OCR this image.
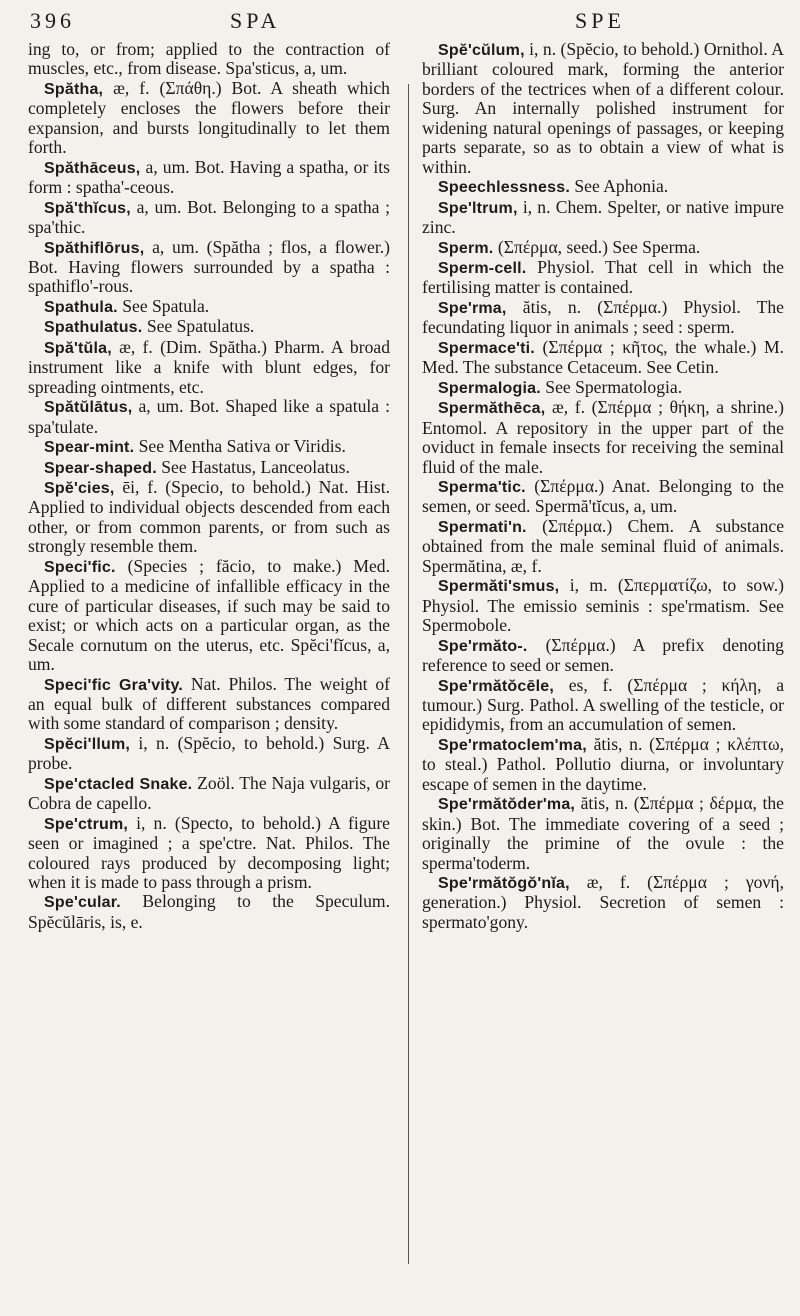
396	SPA	SPE

ing to, or from; applied to the contraction of muscles, etc., from disease. Spa'sticus, a, um.

Spătha, æ, f. (Σπάθη.) Bot. A sheath which completely encloses the flowers before their expansion, and bursts longitudinally to let them forth.

Spăthāceus, a, um. Bot. Having a spatha, or its form : spatha'-ceous.

Spă'thĭcus, a, um. Bot. Belonging to a spatha ; spa'thic.

Spăthiflōrus, a, um. (Spătha ; flos, a flower.) Bot. Having flowers surrounded by a spatha : spathiflo'-rous.

Spathula. See Spatula.

Spathulatus. See Spatulatus.

Spă'tŭla, æ, f. (Dim. Spătha.) Pharm. A broad instrument like a knife with blunt edges, for spreading ointments, etc.

Spătŭlātus, a, um. Bot. Shaped like a spatula : spa'tulate.

Spear-mint. See Mentha Sativa or Viridis.

Spear-shaped. See Hastatus, Lanceolatus.

Spĕ'cies, ēi, f. (Specio, to behold.) Nat. Hist. Applied to individual objects descended from each other, or from common parents, or from such as strongly resemble them.

Speci'fic. (Species ; făcio, to make.) Med. Applied to a medicine of infallible efficacy in the cure of particular diseases, if such may be said to exist; or which acts on a particular organ, as the Secale cornutum on the uterus, etc. Spĕci'fĭcus, a, um.

Speci'fic Gra'vity. Nat. Philos. The weight of an equal bulk of different substances compared with some standard of comparison ; density.

Spĕci'llum, i, n. (Spĕcio, to behold.) Surg. A probe.

Spe'ctacled Snake. Zoöl. The Naja vulgaris, or Cobra de capello.

Spe'ctrum, i, n. (Specto, to behold.) A figure seen or imagined ; a spe'ctre. Nat. Philos. The coloured rays produced by decomposing light; when it is made to pass through a prism.

Spe'cular. Belonging to the Speculum. Spĕcŭlāris, is, e.

Spĕ'cŭlum, i, n. (Spĕcio, to behold.) Ornithol. A brilliant coloured mark, forming the anterior borders of the tectrices when of a different colour. Surg. An internally polished instrument for widening natural openings of passages, or keeping parts separate, so as to obtain a view of what is within.

Speechlessness. See Aphonia.

Spe'ltrum, i, n. Chem. Spelter, or native impure zinc.

Sperm. (Σπέρμα, seed.) See Sperma.

Sperm-cell. Physiol. That cell in which the fertilising matter is contained.

Spe'rma, ătis, n. (Σπέρμα.) Physiol. The fecundating liquor in animals ; seed : sperm.

Spermace'ti. (Σπέρμα ; κῆτος, the whale.) M. Med. The substance Cetaceum. See Cetin.

Spermalogia. See Spermatologia.

Spermăthēca, æ, f. (Σπέρμα ; θήκη, a shrine.) Entomol. A repository in the upper part of the oviduct in female insects for receiving the seminal fluid of the male.

Sperma'tic. (Σπέρμα.) Anat. Belonging to the semen, or seed. Spermă'tĭcus, a, um.

Spermati'n. (Σπέρμα.) Chem. A substance obtained from the male seminal fluid of animals. Spermătina, æ, f.

Spermăti'smus, i, m. (Σπερματίζω, to sow.) Physiol. The emissio seminis : spe'rmatism. See Spermobole.

Spe'rmăto-. (Σπέρμα.) A prefix denoting reference to seed or semen.

Spe'rmătŏcēle, es, f. (Σπέρμα ; κήλη, a tumour.) Surg. Pathol. A swelling of the testicle, or epididymis, from an accumulation of semen.

Spe'rmatoclem'ma, ătis, n. (Σπέρμα ; κλέπτω, to steal.) Pathol. Pollutio diurna, or involuntary escape of semen in the daytime.

Spe'rmătŏder'ma, ătis, n. (Σπέρμα ; δέρμα, the skin.) Bot. The immediate covering of a seed ; originally the primine of the ovule : the sperma'toderm.

Spe'rmătŏgŏ'nĭa, æ, f. (Σπέρμα ; γονή, generation.) Physiol. Secretion of semen : spermato'gony.
